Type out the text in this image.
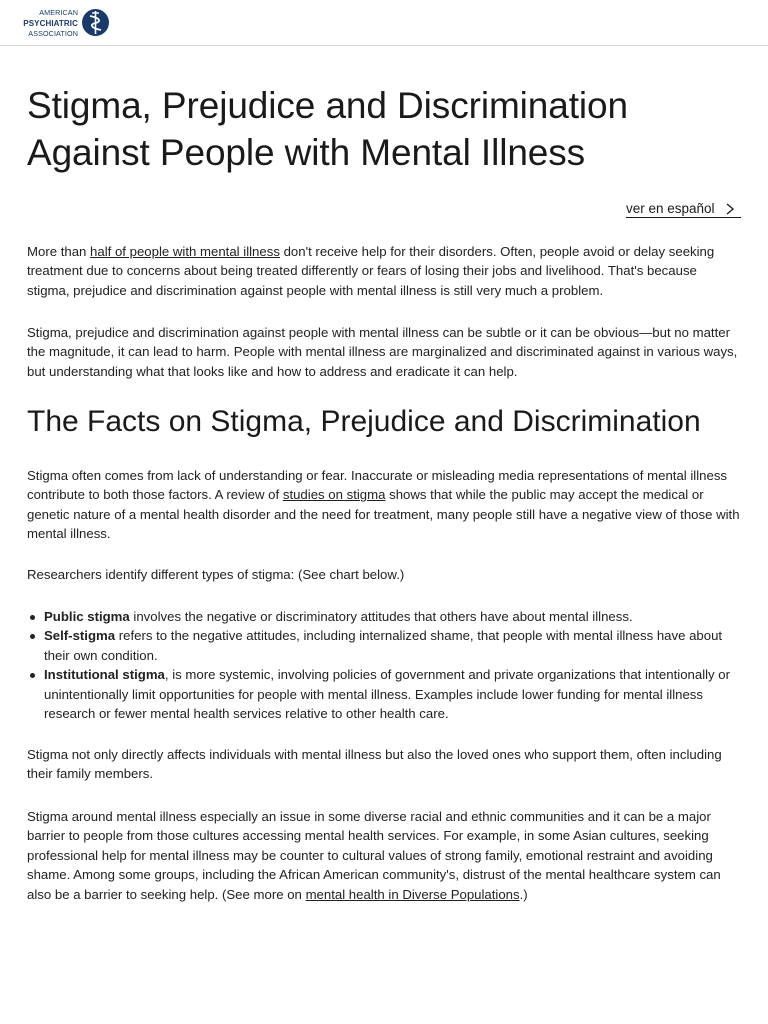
AMERICAN
PSYCHIATRIC
ASSOCIATION
Stigma, Prejudice and Discrimination
Against People with Mental Illness
ver en español

More than half of people with mental illness don't receive help for their disorders. Often, people avoid or delay seeking treatment due to concerns about being treated differently or fears of losing their jobs and livelihood. That's because stigma, prejudice and discrimination against people with mental illness is still very much a problem.

Stigma, prejudice and discrimination against people with mental illness can be subtle or it can be obvious—but no matter the magnitude, it can lead to harm. People with mental illness are marginalized and discriminated against in various ways, but understanding what that looks like and how to address and eradicate it can help.

The Facts on Stigma, Prejudice and Discrimination

Stigma often comes from lack of understanding or fear. Inaccurate or misleading media representations of mental illness contribute to both those factors. A review of studies on stigma shows that while the public may accept the medical or genetic nature of a mental health disorder and the need for treatment, many people still have a negative view of those with mental illness.

Researchers identify different types of stigma: (See chart below.)

Public stigma involves the negative or discriminatory attitudes that others have about mental illness.
Self-stigma refers to the negative attitudes, including internalized shame, that people with mental illness have about their own condition.
Institutional stigma, is more systemic, involving policies of government and private organizations that intentionally or unintentionally limit opportunities for people with mental illness. Examples include lower funding for mental illness research or fewer mental health services relative to other health care.

Stigma not only directly affects individuals with mental illness but also the loved ones who support them, often including their family members.

Stigma around mental illness especially an issue in some diverse racial and ethnic communities and it can be a major barrier to people from those cultures accessing mental health services. For example, in some Asian cultures, seeking professional help for mental illness may be counter to cultural values of strong family, emotional restraint and avoiding shame. Among some groups, including the African American community's, distrust of the mental healthcare system can also be a barrier to seeking help. (See more on mental health in Diverse Populations.)
